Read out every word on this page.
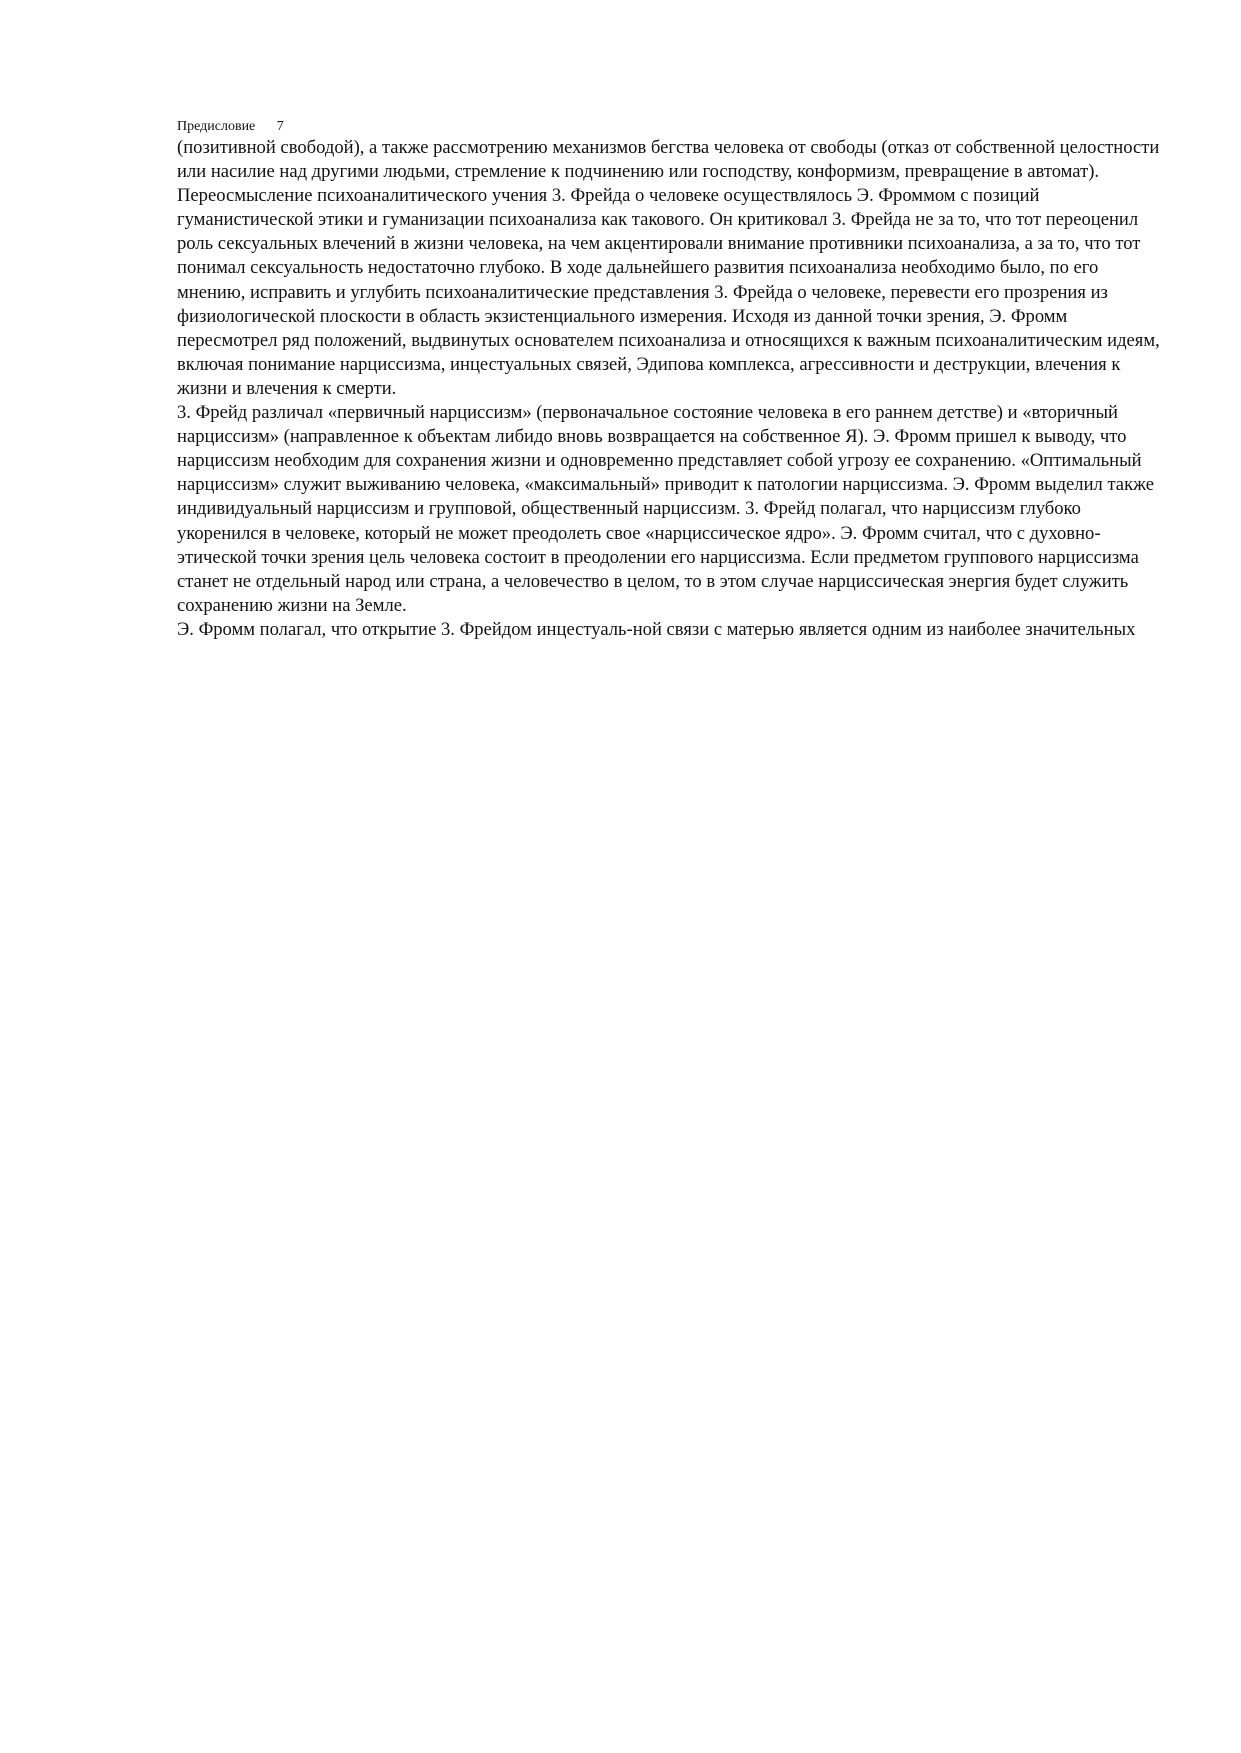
Предисловие 7

(позитивной свободой), а также рассмотрению механизмов бегства человека от свободы (отказ от собственной целостности или насилие над другими людьми, стремление к подчинению или господству, конформизм, превращение в автомат).

Переосмысление психоаналитического учения 3. Фрейда о человеке осуществлялось Э. Фроммом с позиций гуманистической этики и гуманизации психоанализа как такового. Он критиковал 3. Фрейда не за то, что тот переоценил роль сексуальных влечений в жизни человека, на чем акцентировали внимание противники психоанализа, а за то, что тот понимал сексуальность недостаточно глубоко. В ходе дальнейшего развития психоанализа необходимо было, по его мнению, исправить и углубить психоаналитические представления 3. Фрейда о человеке, перевести его прозрения из физиологической плоскости в область экзистенциального измерения. Исходя из данной точки зрения, Э. Фромм пересмотрел ряд положений, выдвинутых основателем психоанализа и относящихся к важным психоаналитическим идеям, включая понимание нарциссизма, инцестуальных связей, Эдипова комплекса, агрессивности и деструкции, влечения к жизни и влечения к смерти.

3. Фрейд различал «первичный нарциссизм» (первоначальное состояние человека в его раннем детстве) и «вторичный нарциссизм» (направленное к объектам либидо вновь возвращается на собственное Я). Э. Фромм пришел к выводу, что нарциссизм необходим для сохранения жизни и одновременно представляет собой угрозу ее сохранению. «Оптимальный нарциссизм» служит выживанию человека, «максимальный» приводит к патологии нарциссизма. Э. Фромм выделил также индивидуальный нарциссизм и групповой, общественный нарциссизм. 3. Фрейд полагал, что нарциссизм глубоко укоренился в человеке, который не может преодолеть свое «нарциссическое ядро». Э. Фромм считал, что с духовно-этической точки зрения цель человека состоит в преодолении его нарциссизма. Если предметом группового нарциссизма станет не отдельный народ или страна, а человечество в целом, то в этом случае нарциссическая энергия будет служить сохранению жизни на Земле.

Э. Фромм полагал, что открытие 3. Фрейдом инцестуаль-ной связи с матерью является одним из наиболее значительных
